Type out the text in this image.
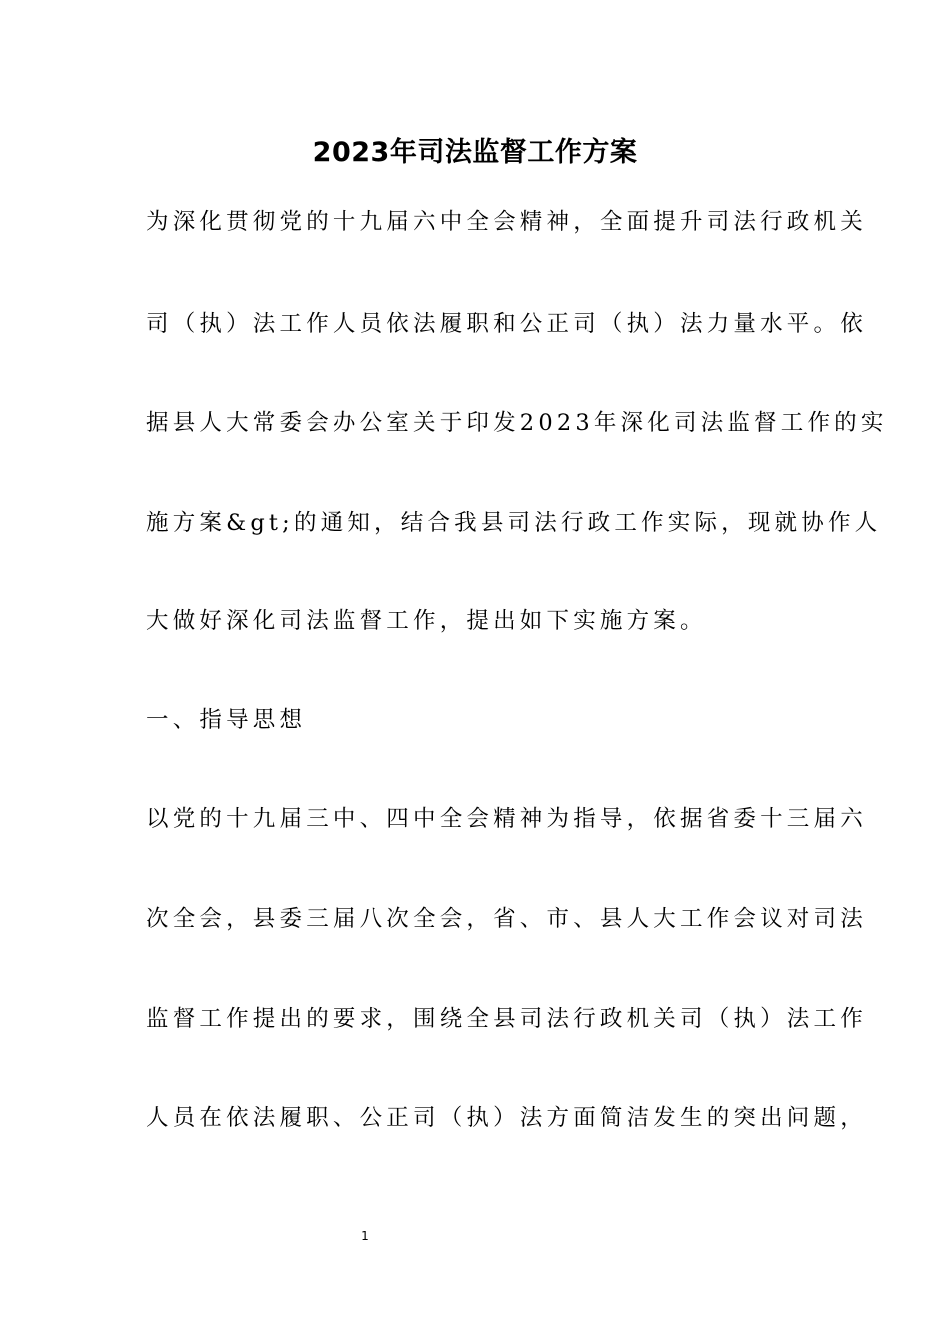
2023年司法监督工作方案
为深化贯彻党的十九届六中全会精神，全面提升司法行政机关
司（执）法工作人员依法履职和公正司（执）法力量水平。依
据县人大常委会办公室关于印发2023年深化司法监督工作的实
施方案&gt;的通知，结合我县司法行政工作实际，现就协作人
大做好深化司法监督工作，提出如下实施方案。
一、指导思想
以党的十九届三中、四中全会精神为指导，依据省委十三届六
次全会，县委三届八次全会，省、市、县人大工作会议对司法
监督工作提出的要求，围绕全县司法行政机关司（执）法工作
人员在依法履职、公正司（执）法方面简洁发生的突出问题，
1
